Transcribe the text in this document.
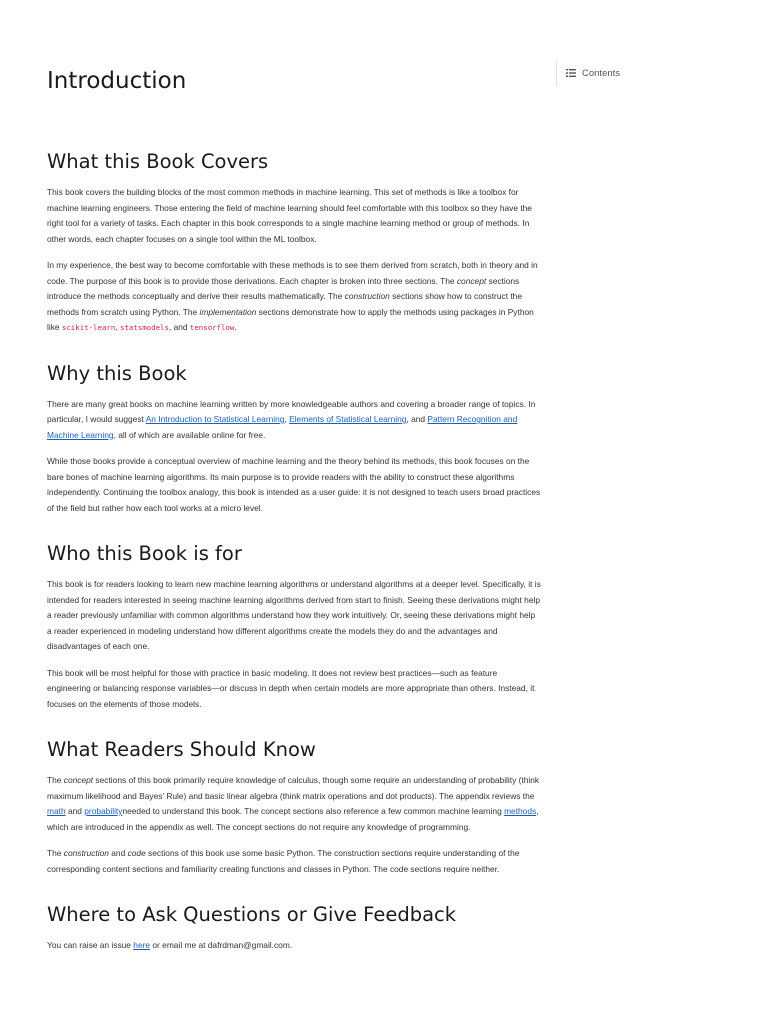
Contents
Introduction
What this Book Covers

This book covers the building blocks of the most common methods in machine learning. This set of methods is like a toolbox for machine learning engineers. Those entering the field of machine learning should feel comfortable with this toolbox so they have the right tool for a variety of tasks. Each chapter in this book corresponds to a single machine learning method or group of methods. In other words, each chapter focuses on a single tool within the ML toolbox.

In my experience, the best way to become comfortable with these methods is to see them derived from scratch, both in theory and in code. The purpose of this book is to provide those derivations. Each chapter is broken into three sections. The concept sections introduce the methods conceptually and derive their results mathematically. The construction sections show how to construct the methods from scratch using Python. The implementation sections demonstrate how to apply the methods using packages in Python like scikit-learn, statsmodels, and tensorflow.

Why this Book

There are many great books on machine learning written by more knowledgeable authors and covering a broader range of topics. In particular, I would suggest An Introduction to Statistical Learning, Elements of Statistical Learning, and Pattern Recognition and Machine Learning, all of which are available online for free.

While those books provide a conceptual overview of machine learning and the theory behind its methods, this book focuses on the bare bones of machine learning algorithms. Its main purpose is to provide readers with the ability to construct these algorithms independently. Continuing the toolbox analogy, this book is intended as a user guide: it is not designed to teach users broad practices of the field but rather how each tool works at a micro level.

Who this Book is for

This book is for readers looking to learn new machine learning algorithms or understand algorithms at a deeper level. Specifically, it is intended for readers interested in seeing machine learning algorithms derived from start to finish. Seeing these derivations might help a reader previously unfamiliar with common algorithms understand how they work intuitively. Or, seeing these derivations might help a reader experienced in modeling understand how different algorithms create the models they do and the advantages and disadvantages of each one.

This book will be most helpful for those with practice in basic modeling. It does not review best practices—such as feature engineering or balancing response variables—or discuss in depth when certain models are more appropriate than others. Instead, it focuses on the elements of those models.

What Readers Should Know

The concept sections of this book primarily require knowledge of calculus, though some require an understanding of probability (think maximum likelihood and Bayes’ Rule) and basic linear algebra (think matrix operations and dot products). The appendix reviews the math and probabilityneeded to understand this book. The concept sections also reference a few common machine learning methods, which are introduced in the appendix as well. The concept sections do not require any knowledge of programming.

The construction and code sections of this book use some basic Python. The construction sections require understanding of the corresponding content sections and familiarity creating functions and classes in Python. The code sections require neither.

Where to Ask Questions or Give Feedback

You can raise an issue here or email me at dafrdman@gmail.com.
